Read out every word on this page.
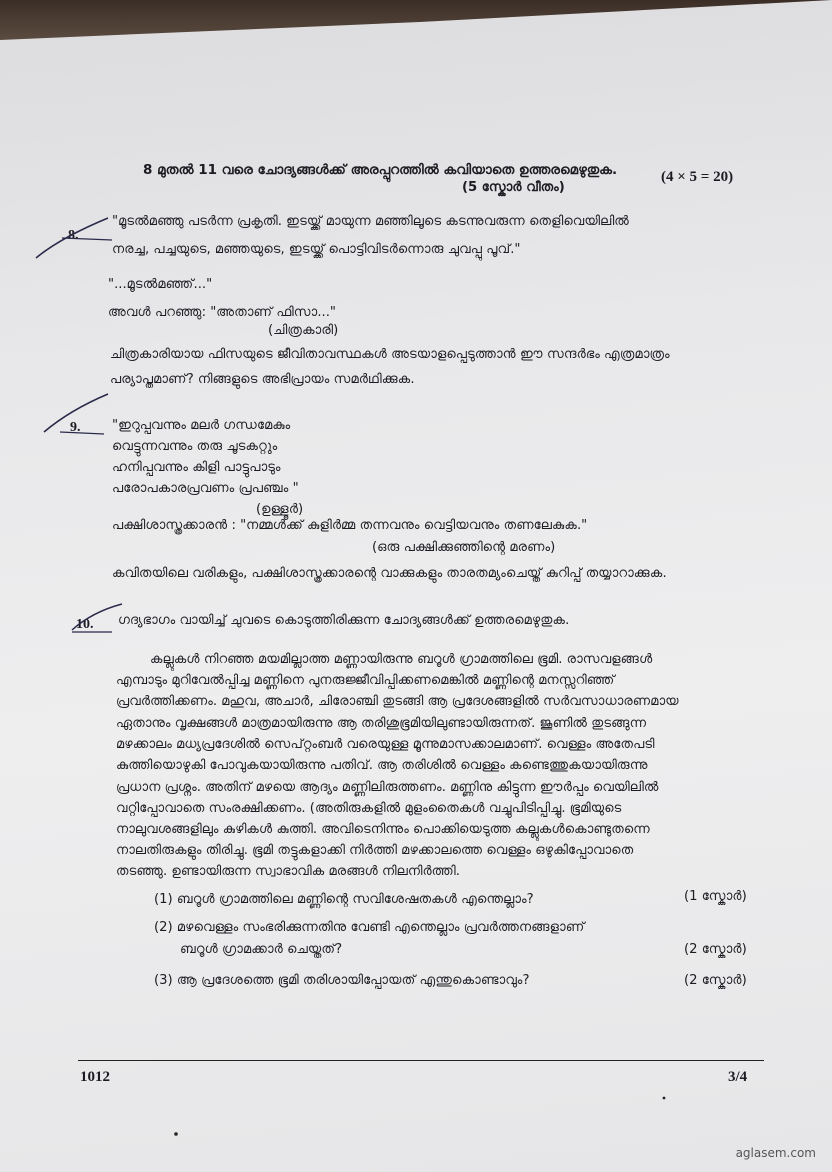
8 മുതൽ 11 വരെ ചോദ്യങ്ങൾക്ക് അരപ്പുറത്തിൽ കവിയാതെ ഉത്തരമെഴുതുക.
(5 സ്കോർ വീതം)
(4 × 5 = 20)
8.
"മൂടൽമഞ്ഞു പടർന്ന പ്രകൃതി. ഇടയ്ക്ക് മായുന്ന മഞ്ഞിലൂടെ കടന്നുവരുന്ന തെളിവെയിലിൽ
നരച്ച, പച്ചയുടെ, മഞ്ഞയുടെ, ഇടയ്ക്ക് പൊട്ടിവിടർന്നൊരു ചുവപ്പു പൂവ്."
"...മൂടൽമഞ്ഞ്..."
അവൾ പറഞ്ഞു: "അതാണ് ഫിസാ..."
(ചിത്രകാരി)
ചിത്രകാരിയായ ഫിസയുടെ ജീവിതാവസ്ഥകൾ അടയാളപ്പെടുത്താൻ ഈ സന്ദർഭം എത്രമാത്രം
പര്യാപ്തമാണ്? നിങ്ങളുടെ അഭിപ്രായം സമർഥിക്കുക.
9. "ഇറുപ്പവന്നും മലർ ഗന്ധമേകും
വെട്ടുന്നവന്നും തരു ചൂടകറ്റും
ഹനിപ്പവന്നും കിളി പാട്ടുപാടും
പരോപകാരപ്രവണം പ്രപഞ്ചം "
(ഉള്ളൂർ)
പക്ഷിശാസ്ത്രക്കാരൻ : "നമ്മൾക്ക് കുളിർമ്മ തന്നവനും വെട്ടിയവനും തണലേകുക."
(ഒരു പക്ഷിക്കുഞ്ഞിന്റെ മരണം)
കവിതയിലെ വരികളും, പക്ഷിശാസ്ത്രക്കാരന്റെ വാക്കുകളും താരതമ്യംചെയ്ത് കുറിപ്പ് തയ്യാറാക്കുക.
10. ഗദ്യഭാഗം വായിച്ച് ചുവടെ കൊടുത്തിരിക്കുന്ന ചോദ്യങ്ങൾക്ക് ഉത്തരമെഴുതുക.
കല്ലുകൾ നിറഞ്ഞ മയമില്ലാത്ത മണ്ണായിരുന്നു ബറൂൾ ഗ്രാമത്തിലെ ഭൂമി. രാസവളങ്ങൾ
എമ്പാടും മുറിവേൽപ്പിച്ച മണ്ണിനെ പുനരുജ്ജീവിപ്പിക്കണമെങ്കിൽ മണ്ണിന്റെ മനസ്സറിഞ്ഞ്
പ്രവർത്തിക്കണം. മഹുവ, അചാർ, ചിരോഞ്ചി തുടങ്ങി ആ പ്രദേശങ്ങളിൽ സർവസാധാരണമായ
ഏതാനും വൃക്ഷങ്ങൾ മാത്രമായിരുന്നു ആ തരിശുഭൂമിയിലുണ്ടായിരുന്നത്. ജൂണിൽ തുടങ്ങുന്ന
മഴക്കാലം മധ്യപ്രദേശിൽ സെപ്റ്റംബർ വരെയുള്ള മൂന്നുമാസക്കാലമാണ്. വെള്ളം അതേപടി
കുത്തിയൊഴുകി പോവുകയായിരുന്നു പതിവ്. ആ തരിശിൽ വെള്ളം കണ്ടെത്തുകയായിരുന്നു
പ്രധാന പ്രശ്നം. അതിന് മഴയെ ആദ്യം മണ്ണിലിരുത്തണം. മണ്ണിനു കിട്ടുന്ന ഈർപ്പം വെയിലിൽ
വറ്റിപ്പോവാതെ സംരക്ഷിക്കണം. (അതിരുകളിൽ മുളംതൈകൾ വച്ചുപിടിപ്പിച്ചു. ഭൂമിയുടെ
നാലുവശങ്ങളിലും കുഴികൾ കുത്തി. അവിടെനിന്നും പൊക്കിയെടുത്ത കല്ലുകൾകൊണ്ടുതന്നെ
നാലതിരുകളും തിരിച്ചു. ഭൂമി തട്ടുകളാക്കി നിർത്തി മഴക്കാലത്തെ വെള്ളം ഒഴുകിപ്പോവാതെ
തടഞ്ഞു. ഉണ്ടായിരുന്ന സ്വാഭാവിക മരങ്ങൾ നിലനിർത്തി.
(1) ബറൂൾ ഗ്രാമത്തിലെ മണ്ണിന്റെ സവിശേഷതകൾ എന്തെല്ലാം?	(1 സ്കോർ)
(2) മഴവെള്ളം സംഭരിക്കുന്നതിനു വേണ്ടി എന്തെല്ലാം പ്രവർത്തനങ്ങളാണ്
ബറൂൾ ഗ്രാമക്കാർ ചെയ്തത്?	(2 സ്കോർ)
(3) ആ പ്രദേശത്തെ ഭൂമി തരിശായിപ്പോയത് എന്തുകൊണ്ടാവും?	(2 സ്കോർ)
1012	3/4
aglasem.com
